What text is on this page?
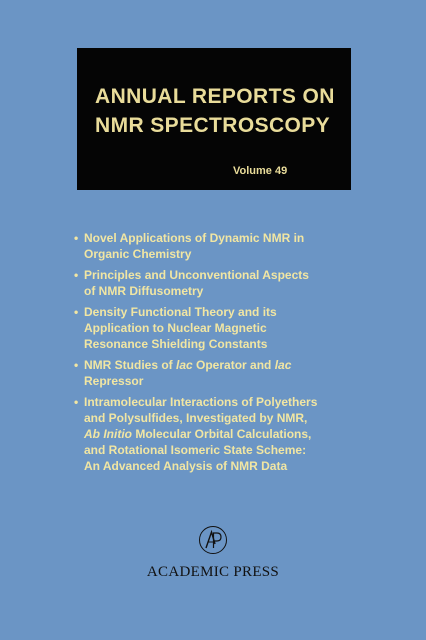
ANNUAL REPORTS ON
NMR SPECTROSCOPY
Volume 49
• Novel Applications of Dynamic NMR in
Organic Chemistry
• Principles and Unconventional Aspects
of NMR Diffusometry
• Density Functional Theory and its
Application to Nuclear Magnetic
Resonance Shielding Constants
• NMR Studies of lac Operator and lac
Repressor
• Intramolecular Interactions of Polyethers
and Polysulfides, Investigated by NMR,
Ab Initio Molecular Orbital Calculations,
and Rotational Isomeric State Scheme:
An Advanced Analysis of NMR Data
ACADEMIC PRESS
